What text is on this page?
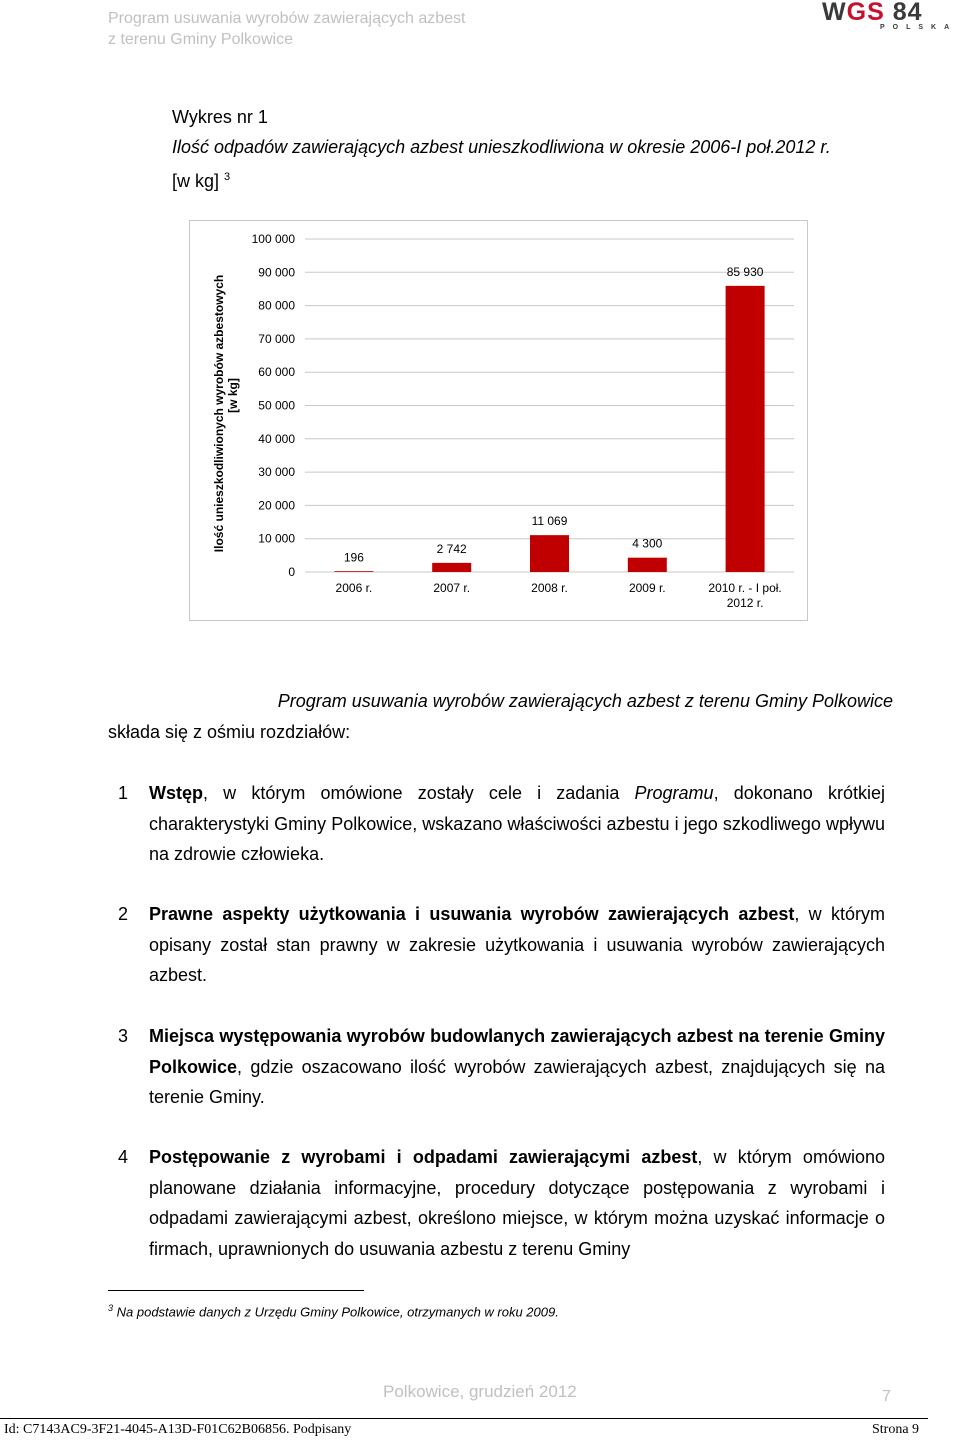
Program usuwania wyrobów zawierających azbest
z terenu Gminy Polkowice
WGS 84
POLSKA
Wykres nr 1
Ilość odpadów zawierających azbest unieszkodliwiona w okresie 2006-I poł.2012 r.
[w kg] $^3$
0
10 000
20 000
30 000
40 000
50 000
60 000
70 000
80 000
90 000
100 000
Ilość unieszkodliwionych wyrobów azbestowych [w kg]
196
2006 r.
2 742
2007 r.
11 069
2008 r.
4 300
2009 r.
85 930
2010 r. - I poł.
2012 r.
Program usuwania wyrobów zawierających azbest z terenu Gminy Polkowice
składa się z ośmiu rozdziałów:
1 Wstęp, w którym omówione zostały cele i zadania Programu, dokonano krótkiej charakterystyki Gminy Polkowice, wskazano właściwości azbestu i jego szkodliwego wpływu na zdrowie człowieka.
2 Prawne aspekty użytkowania i usuwania wyrobów zawierających azbest, w którym opisany został stan prawny w zakresie użytkowania i usuwania wyrobów zawierających azbest.
3 Miejsca występowania wyrobów budowlanych zawierających azbest na terenie Gminy Polkowice, gdzie oszacowano ilość wyrobów zawierających azbest, znajdujących się na terenie Gminy.
4 Postępowanie z wyrobami i odpadami zawierającymi azbest, w którym omówiono planowane działania informacyjne, procedury dotyczące postępowania z wyrobami i odpadami zawierającymi azbest, określono miejsce, w którym można uzyskać informacje o firmach, uprawnionych do usuwania azbestu z terenu Gminy
$^3$ Na podstawie danych z Urzędu Gminy Polkowice, otrzymanych w roku 2009.
Polkowice, grudzień 2012	7
Id: C7143AC9-3F21-4045-A13D-F01C62B06856. Podpisany	Strona 9
